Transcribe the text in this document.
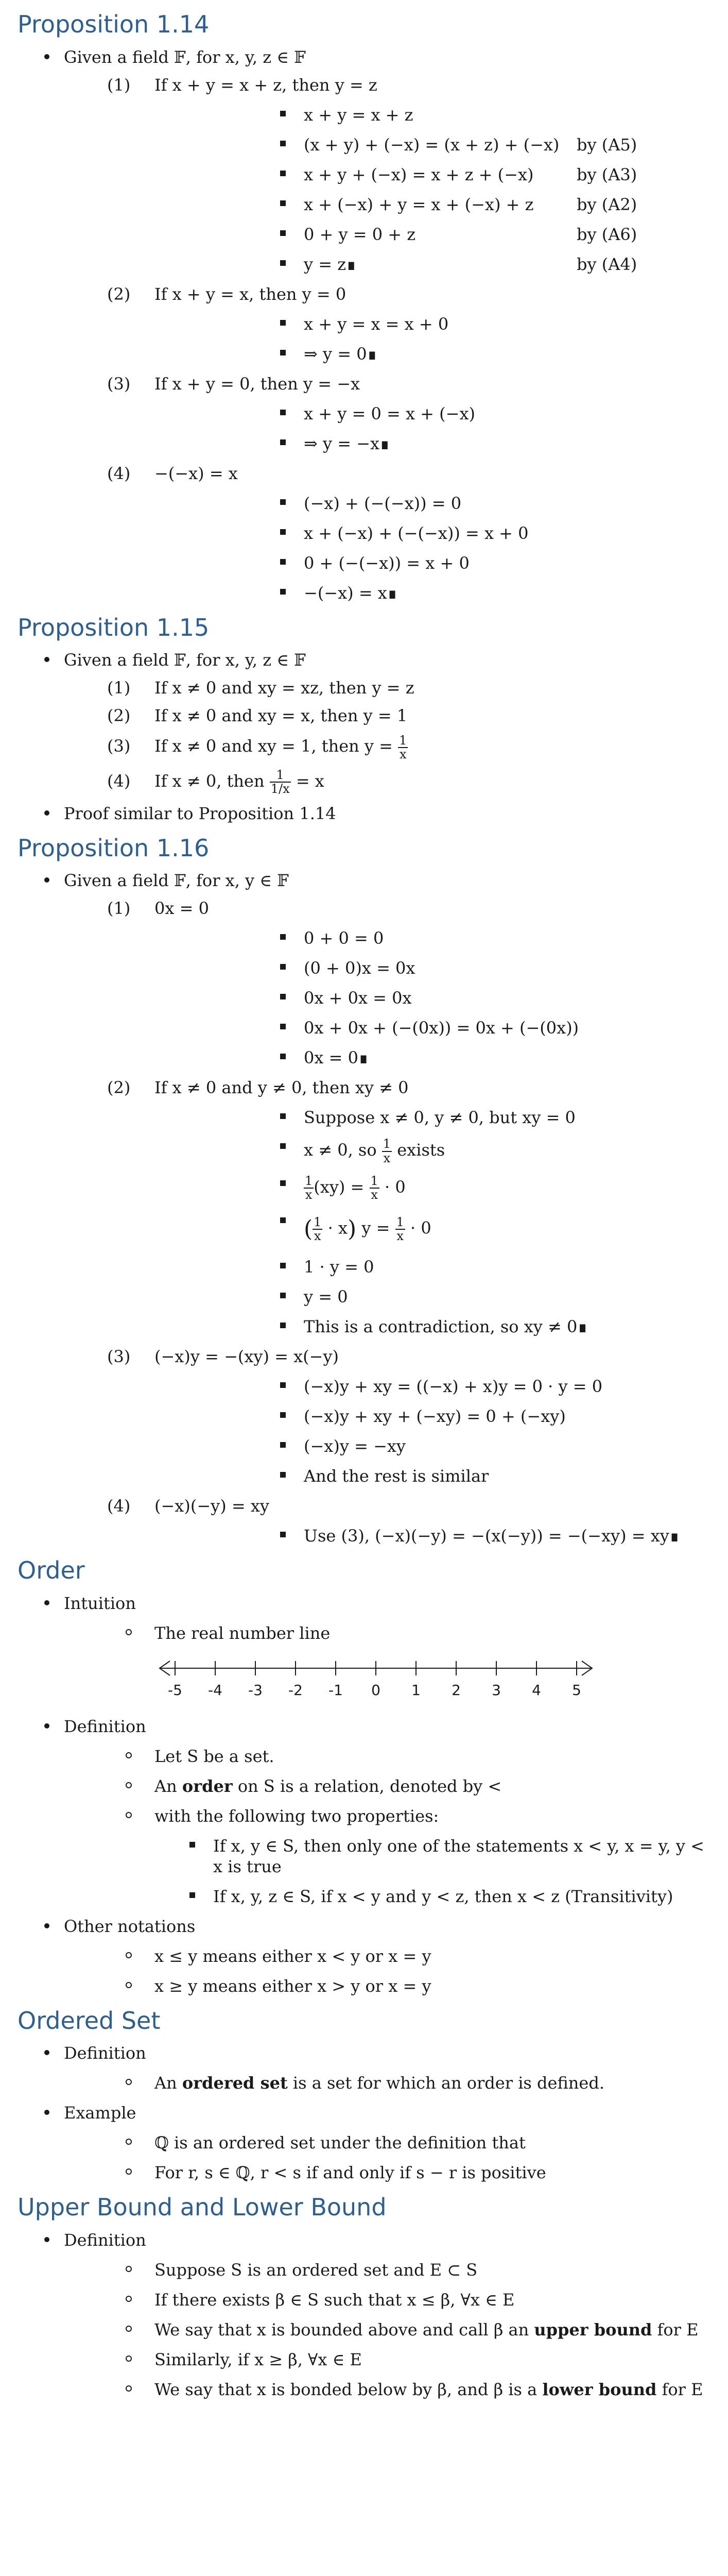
Proposition 1.14
Given a field 𝔽, for x, y, z ∈ 𝔽
(1) If x + y = x + z, then y = z
x + y = x + z
(x + y) + (−x) = (x + z) + (−x) by (A5)
x + y + (−x) = x + z + (−x)	by (A3)
x + (−x) + y = x + (−x) + z	by (A2)
0 + y = 0 + z	by (A6)
y = z∎	by (A4)
(2) If x + y = x, then y = 0
x + y = x = x + 0
⇒ y = 0∎
(3) If x + y = 0, then y = −x
x + y = 0 = x + (−x)
⇒ y = −x∎
(4) −(−x) = x
(−x) + (−(−x)) = 0
x + (−x) + (−(−x)) = x + 0
0 + (−(−x)) = x + 0
−(−x) = x∎
Proposition 1.15
Given a field 𝔽, for x, y, z ∈ 𝔽
(1) If x ≠ 0 and xy = xz, then y = z
(2) If x ≠ 0 and xy = x, then y = 1
(3) If x ≠ 0 and xy = 1, then $y = \frac{1}{x}$
(4) If x ≠ 0, then $\frac{1}{1/x} = x$
Proof similar to Proposition 1.14
Proposition 1.16
Given a field 𝔽, for x, y ∈ 𝔽
(1) 0x = 0
0 + 0 = 0
(0 + 0)x = 0x
0x + 0x = 0x
0x + 0x + (−(0x)) = 0x + (−(0x))
0x = 0∎
(2) If x ≠ 0 and y ≠ 0, then xy ≠ 0
Suppose x ≠ 0, y ≠ 0, but xy = 0
x ≠ 0, so $\frac{1}{x}$ exists
$\frac{1}{x} (xy) = \frac{1}{x} \cdot 0$
( $\frac{1}{x} \cdot x$) $y = \frac{1}{x} \cdot 0$
1 · y = 0
y = 0
This is a contradiction, so xy ≠ 0∎
(3) (−x)y = −(xy) = x(−y)
(−x)y + xy = ((−x) + x)y = 0 · y = 0
(−x)y + xy + (−xy) = 0 + (−xy)
(−x)y = −xy
And the rest is similar
(4) (−x)(−y) = xy
Use (3), (−x)(−y) = −(x(−y)) = −(−xy) = xy∎
Order
Intuition
The real number line
-5 -4 -3 -2 -1 0 1 2 3 4 5
Definition
Let S be a set.
An order on S is a relation, denoted by <
with the following two properties:
If x, y ∈ S, then only one of the statements x < y, x = y, y < x is true
If x, y, z ∈ S, if x < y and y < z, then x < z (Transitivity)
Other notations
x ≤ y means either x < y or x = y
x ≥ y means either x > y or x = y
Ordered Set
Definition
An ordered set is a set for which an order is defined.
Example
ℚ is an ordered set under the definition that
For r, s ∈ ℚ, r < s if and only if s − r is positive
Upper Bound and Lower Bound
Definition
Suppose S is an ordered set and E ⊂ S
If there exists β ∈ S such that x ≤ β, ∀x ∈ E
We say that x is bounded above and call β an upper bound for E
Similarly, if x ≥ β, ∀x ∈ E
We say that x is bonded below by β, and β is a lower bound for E
